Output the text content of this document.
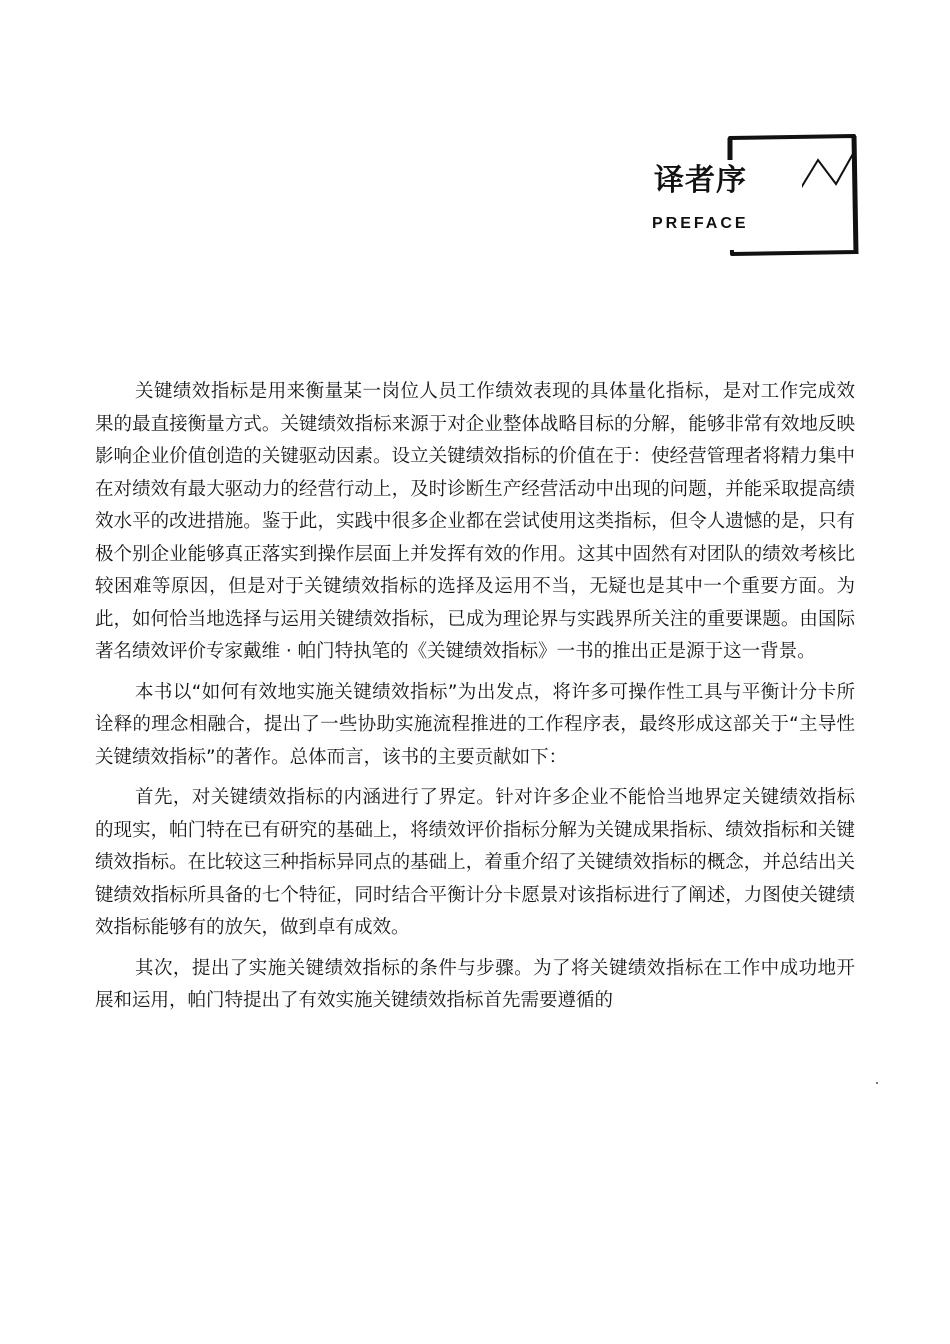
译者序
PREFACE

关键绩效指标是用来衡量某一岗位人员工作绩效表现的具体量化指标，是对工作完成效果的最直接衡量方式。关键绩效指标来源于对企业整体战略目标的分解，能够非常有效地反映影响企业价值创造的关键驱动因素。设立关键绩效指标的价值在于：使经营管理者将精力集中在对绩效有最大驱动力的经营行动上，及时诊断生产经营活动中出现的问题，并能采取提高绩效水平的改进措施。鉴于此，实践中很多企业都在尝试使用这类指标，但令人遗憾的是，只有极个别企业能够真正落实到操作层面上并发挥有效的作用。这其中固然有对团队的绩效考核比较困难等原因，但是对于关键绩效指标的选择及运用不当，无疑也是其中一个重要方面。为此，如何恰当地选择与运用关键绩效指标，已成为理论界与实践界所关注的重要课题。由国际著名绩效评价专家戴维 · 帕门特执笔的《关键绩效指标》一书的推出正是源于这一背景。

本书以“如何有效地实施关键绩效指标”为出发点，将许多可操作性工具与平衡计分卡所诠释的理念相融合，提出了一些协助实施流程推进的工作程序表，最终形成这部关于“主导性关键绩效指标”的著作。总体而言，该书的主要贡献如下：

首先，对关键绩效指标的内涵进行了界定。针对许多企业不能恰当地界定关键绩效指标的现实，帕门特在已有研究的基础上，将绩效评价指标分解为关键成果指标、绩效指标和关键绩效指标。在比较这三种指标异同点的基础上，着重介绍了关键绩效指标的概念，并总结出关键绩效指标所具备的七个特征，同时结合平衡计分卡愿景对该指标进行了阐述，力图使关键绩效指标能够有的放矢，做到卓有成效。

其次，提出了实施关键绩效指标的条件与步骤。为了将关键绩效指标在工作中成功地开展和运用，帕门特提出了有效实施关键绩效指标首先需要遵循的
